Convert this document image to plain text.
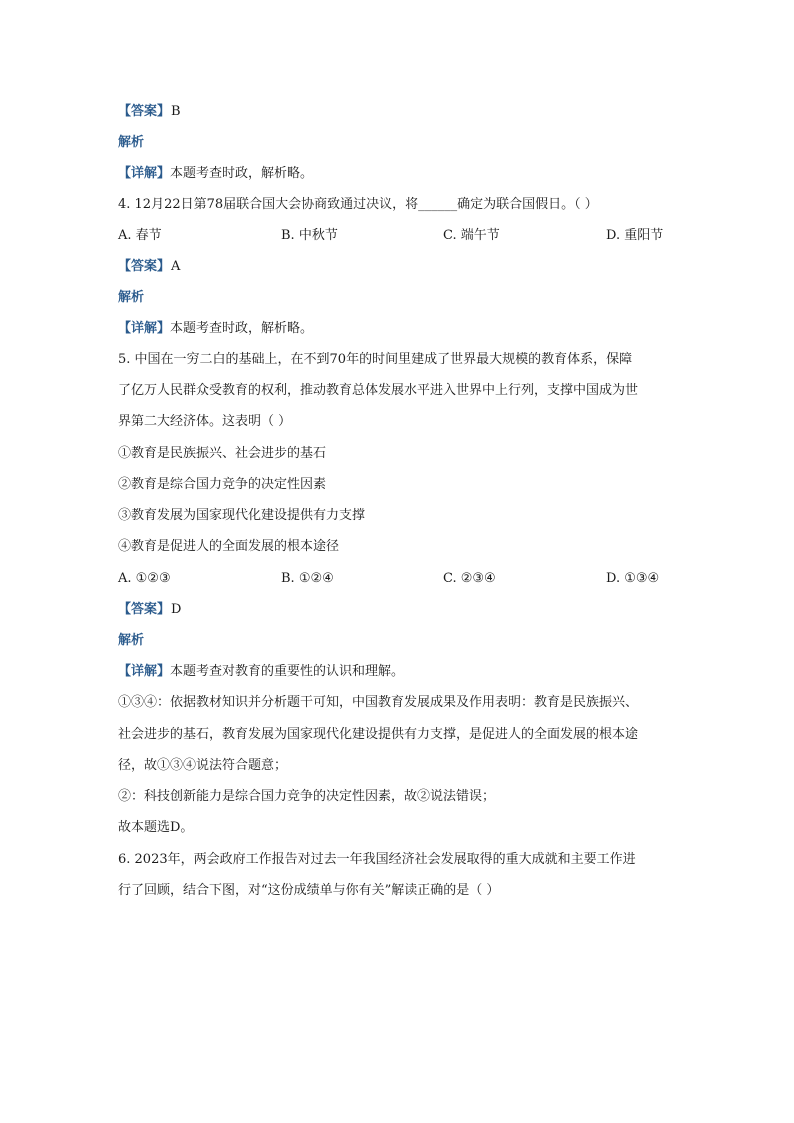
【答案】B
解析
【详解】本题考查时政，解析略。
4. 12月22日第78届联合国大会协商致通过决议，将______确定为联合国假日。（ ）
A. 春节	B. 中秋节	C. 端午节	D. 重阳节
【答案】A
解析
【详解】本题考查时政，解析略。
5. 中国在一穷二白的基础上，在不到70年的时间里建成了世界最大规模的教育体系，保障
了亿万人民群众受教育的权利，推动教育总体发展水平进入世界中上行列，支撑中国成为世
界第二大经济体。这表明（ ）
①教育是民族振兴、社会进步的基石
②教育是综合国力竞争的决定性因素
③教育发展为国家现代化建设提供有力支撑
④教育是促进人的全面发展的根本途径
A. ①②③	B. ①②④	C. ②③④	D. ①③④
【答案】D
解析
【详解】本题考查对教育的重要性的认识和理解。
①③④：依据教材知识并分析题干可知，中国教育发展成果及作用表明：教育是民族振兴、
社会进步的基石，教育发展为国家现代化建设提供有力支撑，是促进人的全面发展的根本途
径，故①③④说法符合题意；
②：科技创新能力是综合国力竞争的决定性因素，故②说法错误；
故本题选D。
6. 2023年，两会政府工作报告对过去一年我国经济社会发展取得的重大成就和主要工作进
行了回顾，结合下图，对“这份成绩单与你有关”解读正确的是（ ）
